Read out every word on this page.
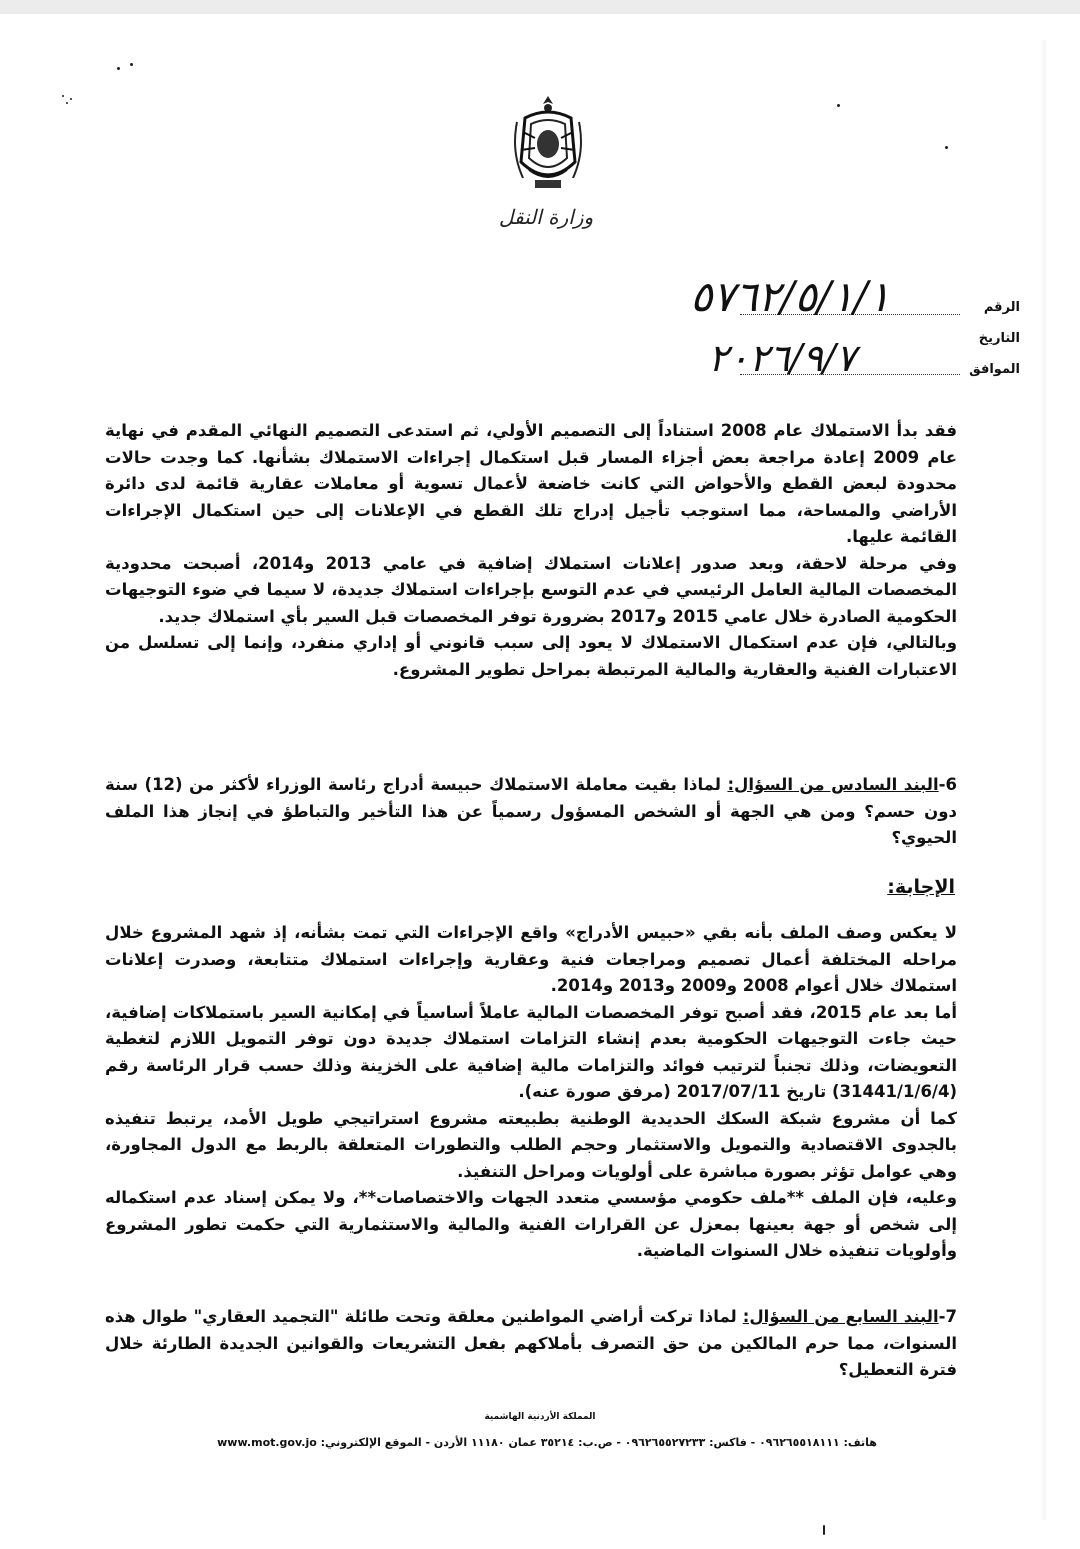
وزارة النقل
الرقم
٥٧٦٢/٥/١/١
التاريخ
الموافق
٢٠٢٦/٩/٧

فقد بدأ الاستملاك عام 2008 استناداً إلى التصميم الأولي، ثم استدعى التصميم النهائي المقدم في نهاية عام 2009 إعادة مراجعة بعض أجزاء المسار قبل استكمال إجراءات الاستملاك بشأنها. كما وجدت حالات محدودة لبعض القطع والأحواض التي كانت خاضعة لأعمال تسوية أو معاملات عقارية قائمة لدى دائرة الأراضي والمساحة، مما استوجب تأجيل إدراج تلك القطع في الإعلانات إلى حين استكمال الإجراءات القائمة عليها.

وفي مرحلة لاحقة، وبعد صدور إعلانات استملاك إضافية في عامي 2013 و2014، أصبحت محدودية المخصصات المالية العامل الرئيسي في عدم التوسع بإجراءات استملاك جديدة، لا سيما في ضوء التوجيهات الحكومية الصادرة خلال عامي 2015 و2017 بضرورة توفر المخصصات قبل السير بأي استملاك جديد.

وبالتالي، فإن عدم استكمال الاستملاك لا يعود إلى سبب قانوني أو إداري منفرد، وإنما إلى تسلسل من الاعتبارات الفنية والعقارية والمالية المرتبطة بمراحل تطوير المشروع.

6-البند السادس من السؤال: لماذا بقيت معاملة الاستملاك حبيسة أدراج رئاسة الوزراء لأكثر من (12) سنة دون حسم؟ ومن هي الجهة أو الشخص المسؤول رسمياً عن هذا التأخير والتباطؤ في إنجاز هذا الملف الحيوي؟

الإجابة:

لا يعكس وصف الملف بأنه بقي «حبيس الأدراج» واقع الإجراءات التي تمت بشأنه، إذ شهد المشروع خلال مراحله المختلفة أعمال تصميم ومراجعات فنية وعقارية وإجراءات استملاك متتابعة، وصدرت إعلانات استملاك خلال أعوام 2008 و2009 و2013 و2014.

أما بعد عام 2015، فقد أصبح توفر المخصصات المالية عاملاً أساسياً في إمكانية السير باستملاكات إضافية، حيث جاءت التوجيهات الحكومية بعدم إنشاء التزامات استملاك جديدة دون توفر التمويل اللازم لتغطية التعويضات، وذلك تجنباً لترتيب فوائد والتزامات مالية إضافية على الخزينة وذلك حسب قرار الرئاسة رقم (31441/1/6/4) تاريخ 2017/07/11 (مرفق صورة عنه).

كما أن مشروع شبكة السكك الحديدية الوطنية بطبيعته مشروع استراتيجي طويل الأمد، يرتبط تنفيذه بالجدوى الاقتصادية والتمويل والاستثمار وحجم الطلب والتطورات المتعلقة بالربط مع الدول المجاورة، وهي عوامل تؤثر بصورة مباشرة على أولويات ومراحل التنفيذ.

وعليه، فإن الملف **ملف حكومي مؤسسي متعدد الجهات والاختصاصات**، ولا يمكن إسناد عدم استكماله إلى شخص أو جهة بعينها بمعزل عن القرارات الفنية والمالية والاستثمارية التي حكمت تطور المشروع وأولويات تنفيذه خلال السنوات الماضية.

7-البند السابع من السؤال: لماذا تركت أراضي المواطنين معلقة وتحت طائلة "التجميد العقاري" طوال هذه السنوات، مما حرم المالكين من حق التصرف بأملاكهم بفعل التشريعات والقوانين الجديدة الطارئة خلال فترة التعطيل؟

المملكة الأردنية الهاشمية
هاتف: ٠٩٦٢٦٥٥١٨١١١ - فاكس: ٠٩٦٢٦٥٥٢٧٢٣٣ - ص.ب: ٣٥٢١٤ عمان ١١١٨٠ الأردن - الموقع الإلكتروني: www.mot.gov.jo
